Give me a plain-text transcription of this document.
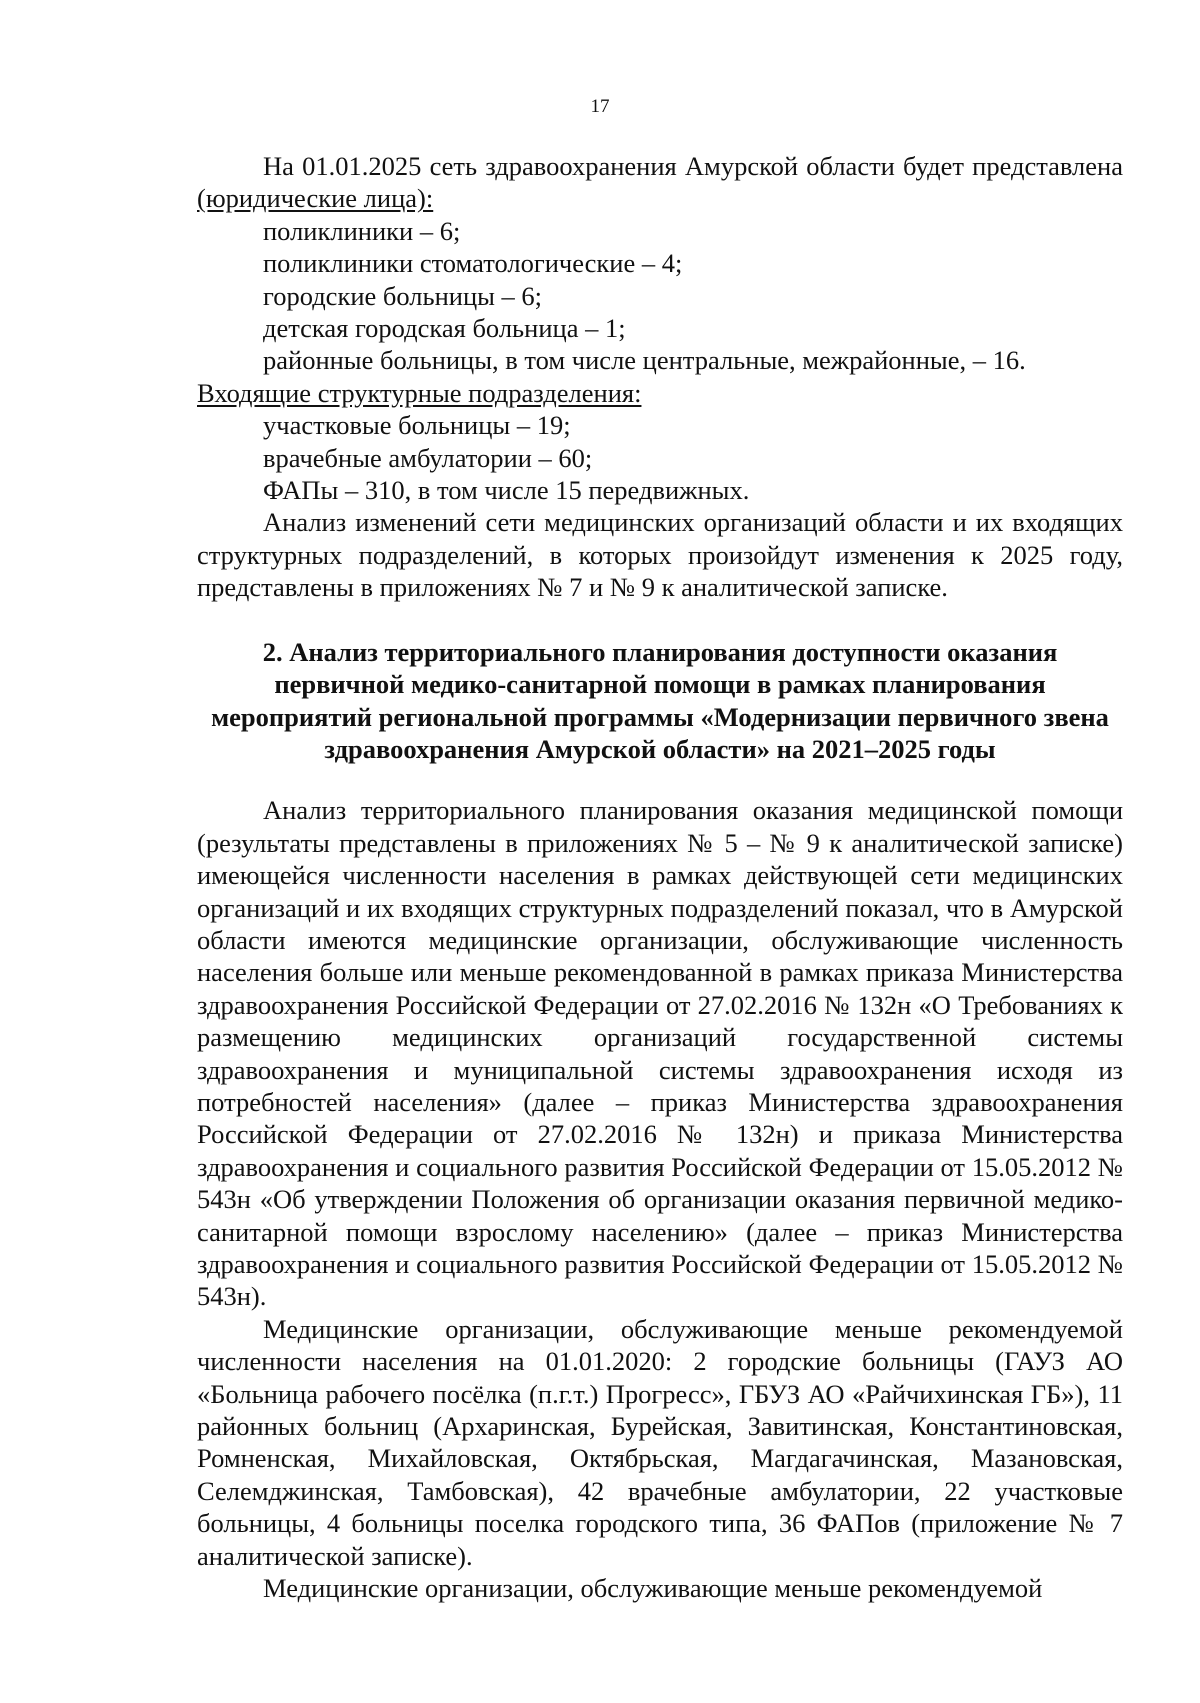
17

На 01.01.2025 сеть здравоохранения Амурской области будет представлена (юридические лица):

поликлиники – 6;

поликлиники стоматологические – 4;

городские больницы – 6;

детская городская больница – 1;

районные больницы, в том числе центральные, межрайонные, – 16.

Входящие структурные подразделения:

участковые больницы – 19;

врачебные амбулатории – 60;

ФАПы – 310, в том числе 15 передвижных.

Анализ изменений сети медицинских организаций области и их входящих структурных подразделений, в которых произойдут изменения к 2025 году, представлены в приложениях № 7 и № 9 к аналитической записке.

2. Анализ территориального планирования доступности оказания
первичной медико-санитарной помощи в рамках планирования
мероприятий региональной программы «Модернизации первичного звена
здравоохранения Амурской области» на 2021–2025 годы

Анализ территориального планирования оказания медицинской помощи (результаты представлены в приложениях № 5 – № 9 к аналитической записке) имеющейся численности населения в рамках действующей сети медицинских организаций и их входящих структурных подразделений показал, что в Амурской области имеются медицинские организации, обслуживающие численность населения больше или меньше рекомендованной в рамках приказа Министерства здравоохранения Российской Федерации от 27.02.2016 № 132н «О Требованиях к размещению медицинских организаций государственной системы здравоохранения и муниципальной системы здравоохранения исходя из потребностей населения» (далее – приказ Министерства здравоохранения Российской Федерации от 27.02.2016 № 132н) и приказа Министерства здравоохранения и социального развития Российской Федерации от 15.05.2012 № 543н «Об утверждении Положения об организации оказания первичной медико-санитарной помощи взрослому населению» (далее – приказ Министерства здравоохранения и социального развития Российской Федерации от 15.05.2012 № 543н).

Медицинские организации, обслуживающие меньше рекомендуемой численности населения на 01.01.2020: 2 городские больницы (ГАУЗ АО «Больница рабочего посёлка (п.г.т.) Прогресс», ГБУЗ АО «Райчихинская ГБ»), 11 районных больниц (Архаринская, Бурейская, Завитинская, Константиновская, Ромненская, Михайловская, Октябрьская, Магдагачинская, Мазановская, Селемджинская, Тамбовская), 42 врачебные амбулатории, 22 участковые больницы, 4 больницы поселка городского типа, 36 ФАПов (приложение № 7 аналитической записке).

Медицинские организации, обслуживающие меньше рекомендуемой
